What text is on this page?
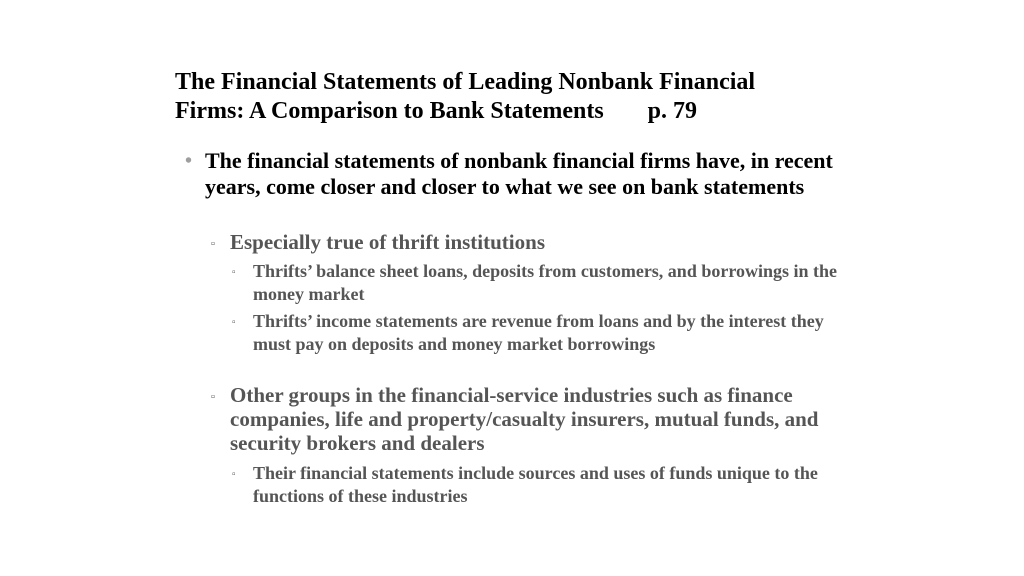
The Financial Statements of Leading Nonbank Financial
Firms: A Comparison to Bank Statements p. 79
• The financial statements of nonbank financial firms have, in recent years, come closer and closer to what we see on bank statements
▫ Especially true of thrift institutions
▫ Thrifts’ balance sheet loans, deposits from customers, and borrowings in the money market
▫ Thrifts’ income statements are revenue from loans and by the interest they must pay on deposits and money market borrowings
▫ Other groups in the financial-service industries such as finance companies, life and property/casualty insurers, mutual funds, and security brokers and dealers
▫ Their financial statements include sources and uses of funds unique to the functions of these industries
